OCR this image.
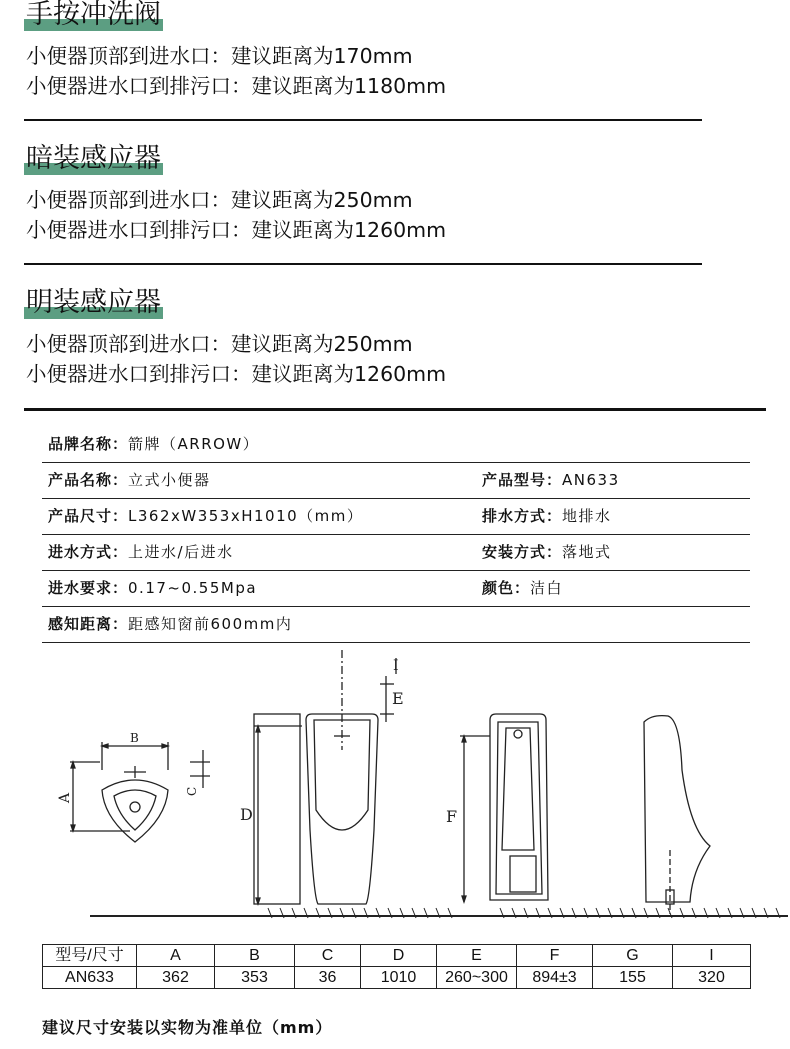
手按冲洗阀
小便器顶部到进水口：建议距离为170mm
小便器进水口到排污口：建议距离为1180mm
暗装感应器
小便器顶部到进水口：建议距离为250mm
小便器进水口到排污口：建议距离为1260mm
明装感应器
小便器顶部到进水口：建议距离为250mm
小便器进水口到排污口：建议距离为1260mm
品牌名称：箭牌（ARROW）
产品名称：立式小便器	产品型号：AN633
产品尺寸：L362xW353xH1010（mm）	排水方式：地排水
进水方式：上进水/后进水	安装方式：落地式
进水要求：0.17~0.55Mpa	颜色：洁白
感知距离：距感知窗前600mm内
A
B
C
D
E
F
I
型号/尺寸	A	B	C	D	E	F	G	I
AN633	362	353	36	1010	260~300	894±3	155	320
建议尺寸安装以实物为准单位（mm）
